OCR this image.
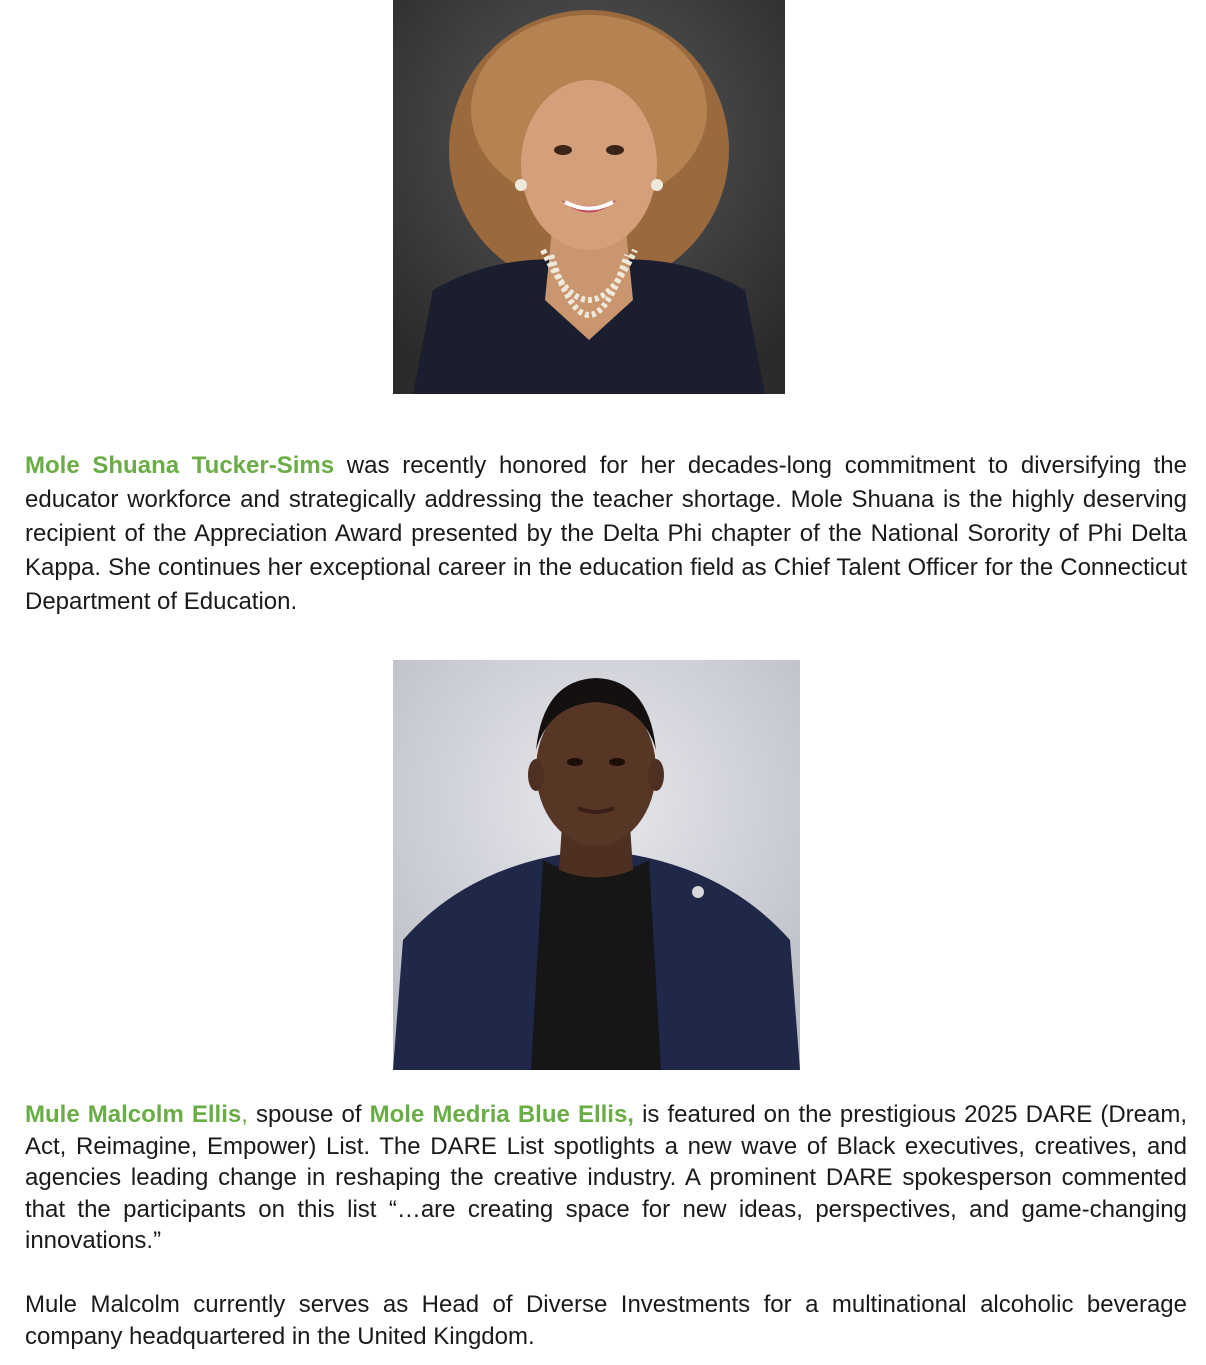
Mole Shuana Tucker-Sims was recently honored for her decades-long commitment to diversifying the educator workforce and strategically addressing the teacher shortage. Mole Shuana is the highly deserving recipient of the Appreciation Award presented by the Delta Phi chapter of the National Sorority of Phi Delta Kappa. She continues her exceptional career in the education field as Chief Talent Officer for the Connecticut Department of Education.

Mule Malcolm Ellis, spouse of Mole Medria Blue Ellis, is featured on the prestigious 2025 DARE (Dream, Act, Reimagine, Empower) List. The DARE List spotlights a new wave of Black executives, creatives, and agencies leading change in reshaping the creative industry. A prominent DARE spokesperson commented that the participants on this list “…are creating space for new ideas, perspectives, and game-changing innovations.”

Mule Malcolm currently serves as Head of Diverse Investments for a multinational alcoholic beverage company headquartered in the United Kingdom.
